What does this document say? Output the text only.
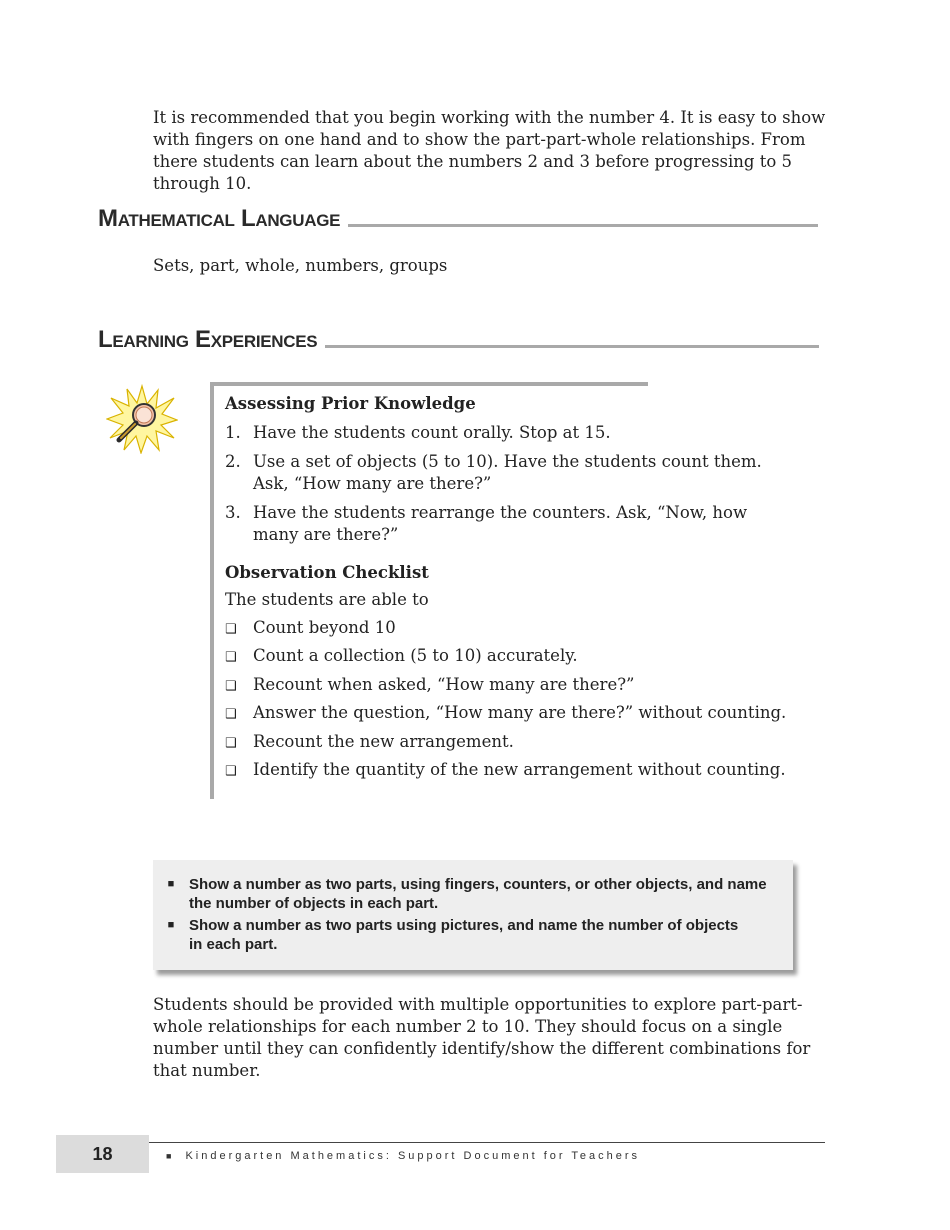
It is recommended that you begin working with the number 4. It is easy to show with fingers on one hand and to show the part-part-whole relationships. From there students can learn about the numbers 2 and 3 before progressing to 5 through 10.

Mathematical Language
Sets, part, whole, numbers, groups
Learning Experiences
Assessing Prior Knowledge
1. Have the students count orally. Stop at 15.
2. Use a set of objects (5 to 10). Have the students count them. Ask, “How many are there?”
3. Have the students rearrange the counters. Ask, “Now, how many are there?”
Observation Checklist
The students are able to
❑ Count beyond 10
❑ Count a collection (5 to 10) accurately.
❑ Recount when asked, “How many are there?”
❑ Answer the question, “How many are there?” without counting.
❑ Recount the new arrangement.
❑ Identify the quantity of the new arrangement without counting.
■ Show a number as two parts, using fingers, counters, or other objects, and name the number of objects in each part.
■ Show a number as two parts using pictures, and name the number of objects in each part.

Students should be provided with multiple opportunities to explore part-part-whole relationships for each number 2 to 10. They should focus on a single number until they can confidently identify/show the different combinations for that number.

18	■ Kindergarten Mathematics: Support Document for Teachers
